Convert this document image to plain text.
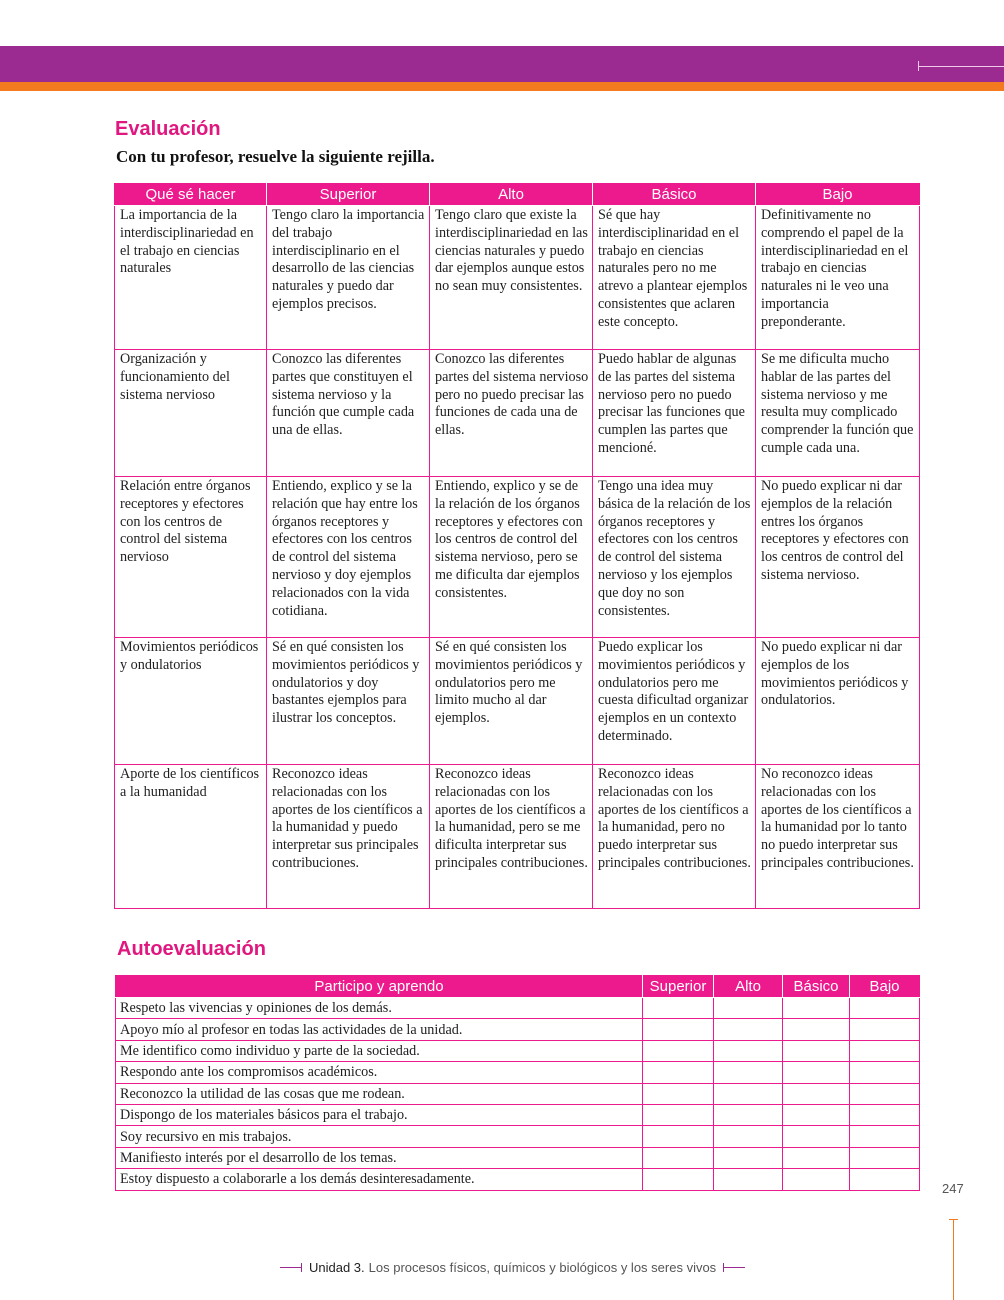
Evaluación
Con tu profesor, resuelve la siguiente rejilla.
Qué sé hacer	Superior	Alto	Básico	Bajo
La importancia de la interdisciplinariedad en el trabajo en ciencias naturales	Tengo claro la importancia del trabajo interdisciplinario en el desarrollo de las ciencias naturales y puedo dar ejemplos precisos.	Tengo claro que existe la interdisciplinariedad en las ciencias naturales y puedo dar ejemplos aunque estos no sean muy consistentes.	Sé que hay interdisciplinaridad en el trabajo en ciencias naturales pero no me atrevo a plantear ejemplos consistentes que aclaren este concepto.	Definitivamente no comprendo el papel de la interdisciplinariedad en el trabajo en ciencias naturales ni le veo una importancia preponderante.
Organización y funcionamiento del sistema nervioso	Conozco las diferentes partes que constituyen el sistema nervioso y la función que cumple cada una de ellas.	Conozco las diferentes partes del sistema nervioso pero no puedo precisar las funciones de cada una de ellas.	Puedo hablar de algunas de las partes del sistema nervioso pero no puedo precisar las funciones que cumplen las partes que mencioné.	Se me dificulta mucho hablar de las partes del sistema nervioso y me resulta muy complicado comprender la función que cumple cada una.
Relación entre órganos receptores y efectores con los centros de control del sistema nervioso	Entiendo, explico y se la relación que hay entre los órganos receptores y efectores con los centros de control del sistema nervioso y doy ejemplos relacionados con la vida cotidiana.	Entiendo, explico y se de la relación de los órganos receptores y efectores con los centros de control del sistema nervioso, pero se me dificulta dar ejemplos consistentes.	Tengo una idea muy básica de la relación de los órganos receptores y efectores con los centros de control del sistema nervioso y los ejemplos que doy no son consistentes.	No puedo explicar ni dar ejemplos de la relación entres los órganos receptores y efectores con los centros de control del sistema nervioso.
Movimientos periódicos y ondulatorios	Sé en qué consisten los movimientos periódicos y ondulatorios y doy bastantes ejemplos para ilustrar los conceptos.	Sé en qué consisten los movimientos periódicos y ondulatorios pero me limito mucho al dar ejemplos.	Puedo explicar los movimientos periódicos y ondulatorios pero me cuesta dificultad organizar ejemplos en un contexto determinado.	No puedo explicar ni dar ejemplos de los movimientos periódicos y ondulatorios.
Aporte de los científicos a la humanidad	Reconozco ideas relacionadas con los aportes de los científicos a la humanidad y puedo interpretar sus principales contribuciones.	Reconozco ideas relacionadas con los aportes de los científicos a la humanidad, pero se me dificulta interpretar sus principales contribuciones.	Reconozco ideas relacionadas con los aportes de los científicos a la humanidad, pero no puedo interpretar sus principales contribuciones.	No reconozco ideas relacionadas con los aportes de los científicos a la humanidad por lo tanto no puedo interpretar sus principales contribuciones.
Autoevaluación
Participo y aprendo	Superior	Alto	Básico	Bajo
Respeto las vivencias y opiniones de los demás.				
Apoyo mío al profesor en todas las actividades de la unidad.				
Me identifico como individuo y parte de la sociedad.				
Respondo ante los compromisos académicos.				
Reconozco la utilidad de las cosas que me rodean.				
Dispongo de los materiales básicos para el trabajo.				
Soy recursivo en mis trabajos.				
Manifiesto interés por el desarrollo de los temas.				
Estoy dispuesto a colaborarle a los demás desinteresadamente.				
247
Unidad 3. Los procesos físicos, químicos y biológicos y los seres vivos
